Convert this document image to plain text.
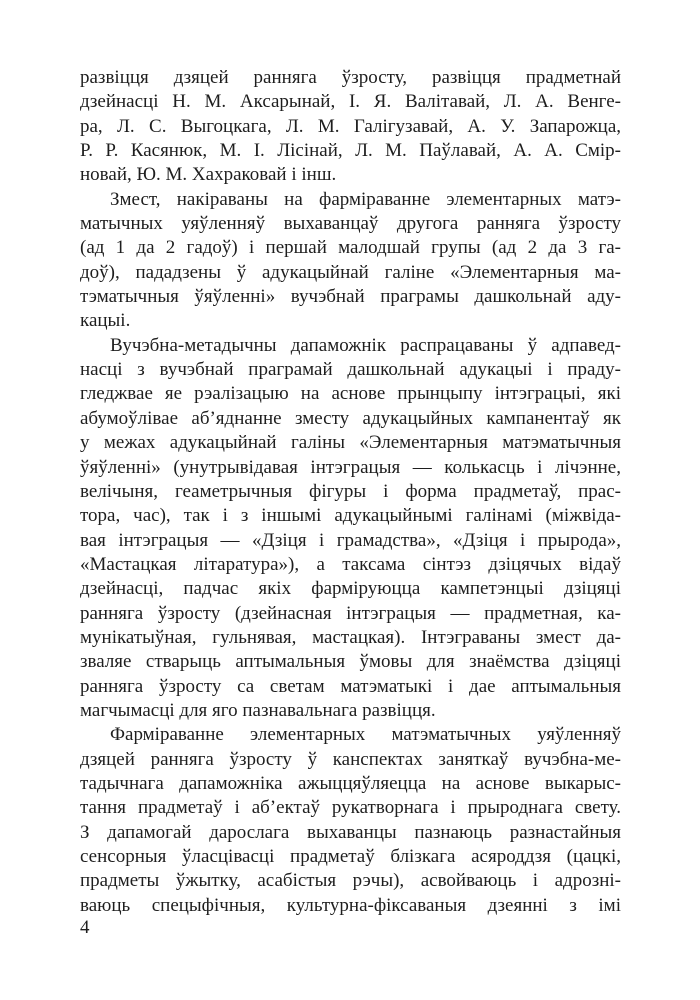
развіцця дзяцей ранняга ўзросту, развіцця прадметнай
дзейнасці Н. М. Аксарынай, І. Я. Валітавай, Л. А. Венге-
ра, Л. С. Выгоцкага, Л. М. Галігузавай, А. У. Запарожца,
Р. Р. Касянюк, М. І. Лісінай, Л. М. Паўлавай, А. А. Смір-
новай, Ю. М. Хахраковай і інш.
Змест, накіраваны на фарміраванне элементарных матэ-
матычных уяўленняў выхаванцаў другога ранняга ўзросту
(ад 1 да 2 гадоў) і першай малодшай групы (ад 2 да 3 га-
доў), пададзены ў адукацыйнай галіне «Элементарныя ма-
тэматычныя ўяўленні» вучэбнай праграмы дашкольнай аду-
кацыі.
Вучэбна-метадычны дапаможнік распрацаваны ў адпавед-
насці з вучэбнай праграмай дашкольнай адукацыі і праду-
гледжвае яе рэалізацыю на аснове прынцыпу інтэграцыі, які
абумоўлівае аб’яднанне зместу адукацыйных кампанентаў як
у межах адукацыйнай галіны «Элементарныя матэматычныя
ўяўленні» (унутрывідавая інтэграцыя — колькасць і лічэнне,
велічыня, геаметрычныя фігуры і форма прадметаў, прас-
тора, час), так і з іншымі адукацыйнымі галінамі (міжвіда-
вая інтэграцыя — «Дзіця і грамадства», «Дзіця і прырода»,
«Мастацкая літаратура»), а таксама сінтэз дзіцячых відаў
дзейнасці, падчас якіх фарміруюцца кампетэнцыі дзіцяці
ранняга ўзросту (дзейнасная інтэграцыя — прадметная, ка-
мунікатыўная, гульнявая, мастацкая). Інтэграваны змест да-
зваляе стварыць аптымальныя ўмовы для знаёмства дзіцяці
ранняга ўзросту са светам матэматыкі і дае аптымальныя
магчымасці для яго пазнавальнага развіцця.
Фарміраванне элементарных матэматычных уяўленняў
дзяцей ранняга ўзросту ў канспектах заняткаў вучэбна-ме-
тадычнага дапаможніка ажыццяўляецца на аснове выкарыс-
тання прадметаў і аб’ектаў рукатворнага і прыроднага свету.
З дапамогай дарослага выхаванцы пазнаюць разнастайныя
сенсорныя ўласцівасці прадметаў блізкага асяроддзя (цацкі,
прадметы ўжытку, асабістыя рэчы), асвойваюць і адрозні-
ваюць спецыфічныя, культурна-фіксаваныя дзеянні з імі
4
